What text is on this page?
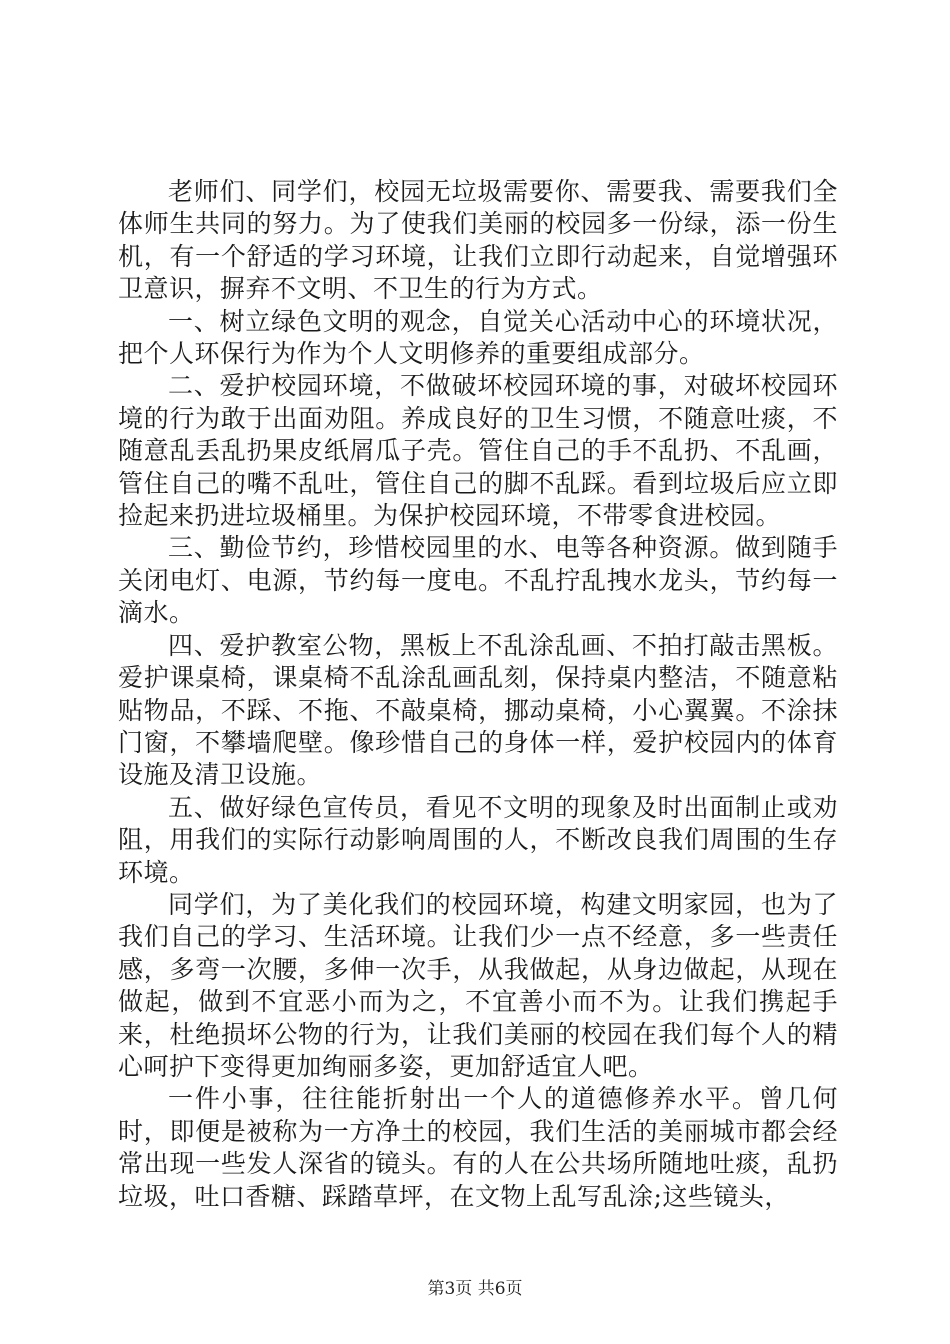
老师们、同学们，校园无垃圾需要你、需要我、需要我们全体师生共同的努力。为了使我们美丽的校园多一份绿，添一份生机，有一个舒适的学习环境，让我们立即行动起来，自觉增强环卫意识，摒弃不文明、不卫生的行为方式。

一、树立绿色文明的观念，自觉关心活动中心的环境状况，把个人环保行为作为个人文明修养的重要组成部分。

二、爱护校园环境，不做破坏校园环境的事，对破坏校园环境的行为敢于出面劝阻。养成良好的卫生习惯，不随意吐痰，不随意乱丢乱扔果皮纸屑瓜子壳。管住自己的手不乱扔、不乱画，管住自己的嘴不乱吐，管住自己的脚不乱踩。看到垃圾后应立即捡起来扔进垃圾桶里。为保护校园环境，不带零食进校园。

三、勤俭节约，珍惜校园里的水、电等各种资源。做到随手关闭电灯、电源，节约每一度电。不乱拧乱拽水龙头，节约每一滴水。

四、爱护教室公物，黑板上不乱涂乱画、不拍打敲击黑板。爱护课桌椅，课桌椅不乱涂乱画乱刻，保持桌内整洁，不随意粘贴物品，不踩、不拖、不敲桌椅，挪动桌椅，小心翼翼。不涂抹门窗，不攀墙爬壁。像珍惜自己的身体一样，爱护校园内的体育设施及清卫设施。

五、做好绿色宣传员，看见不文明的现象及时出面制止或劝阻，用我们的实际行动影响周围的人，不断改良我们周围的生存环境。

同学们，为了美化我们的校园环境，构建文明家园，也为了我们自己的学习、生活环境。让我们少一点不经意，多一些责任感，多弯一次腰，多伸一次手，从我做起，从身边做起，从现在做起，做到不宜恶小而为之，不宜善小而不为。让我们携起手来，杜绝损坏公物的行为，让我们美丽的校园在我们每个人的精心呵护下变得更加绚丽多姿，更加舒适宜人吧。

一件小事，往往能折射出一个人的道德修养水平。曾几何时，即便是被称为一方净土的校园，我们生活的美丽城市都会经常出现一些发人深省的镜头。有的人在公共场所随地吐痰，乱扔垃圾，吐口香糖、踩踏草坪，在文物上乱写乱涂;这些镜头，

第3页 共6页
